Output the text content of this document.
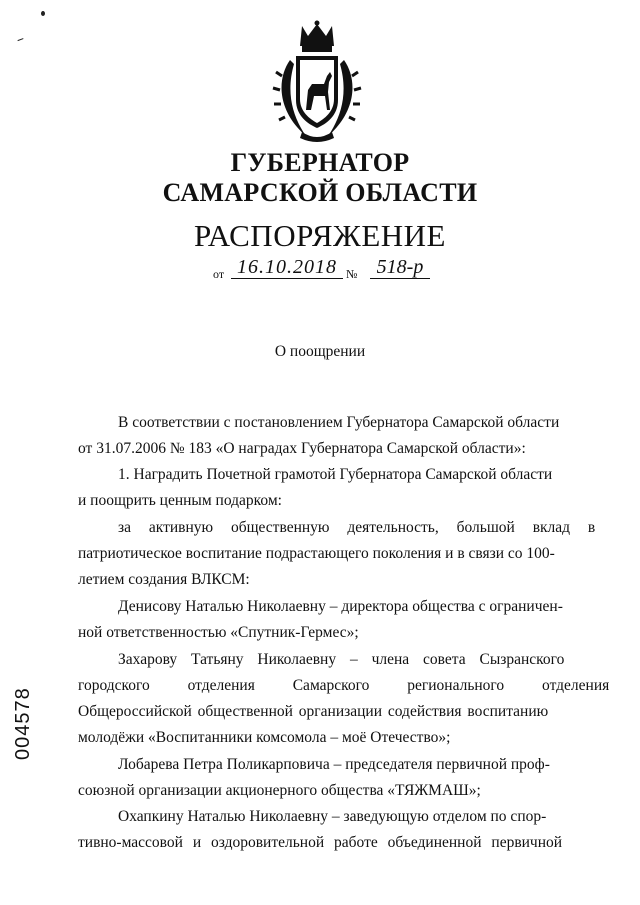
ГУБЕРНАТОР
САМАРСКОЙ ОБЛАСТИ
РАСПОРЯЖЕНИЕ
от 16.10.2018 № 518-р
О поощрении
В соответствии с постановлением Губернатора Самарской области
от 31.07.2006 № 183 «О наградах Губернатора Самарской области»:
1. Наградить Почетной грамотой Губернатора Самарской области
и поощрить ценным подарком:
за активную общественную деятельность, большой вклад в
патриотическое воспитание подрастающего поколения и в связи со 100-
летием создания ВЛКСМ:
Денисову Наталью Николаевну – директора общества с ограничен-
ной ответственностью «Спутник-Гермес»;
Захарову Татьяну Николаевну – члена совета Сызранского
городского отделения Самарского регионального отделения
Общероссийской общественной организации содействия воспитанию
молодёжи «Воспитанники комсомола – моё Отечество»;
Лобарева Петра Поликарповича – председателя первичной проф-
союзной организации акционерного общества «ТЯЖМАШ»;
Охапкину Наталью Николаевну – заведующую отделом по спор-
тивно-массовой и оздоровительной работе объединенной первичной
004578
